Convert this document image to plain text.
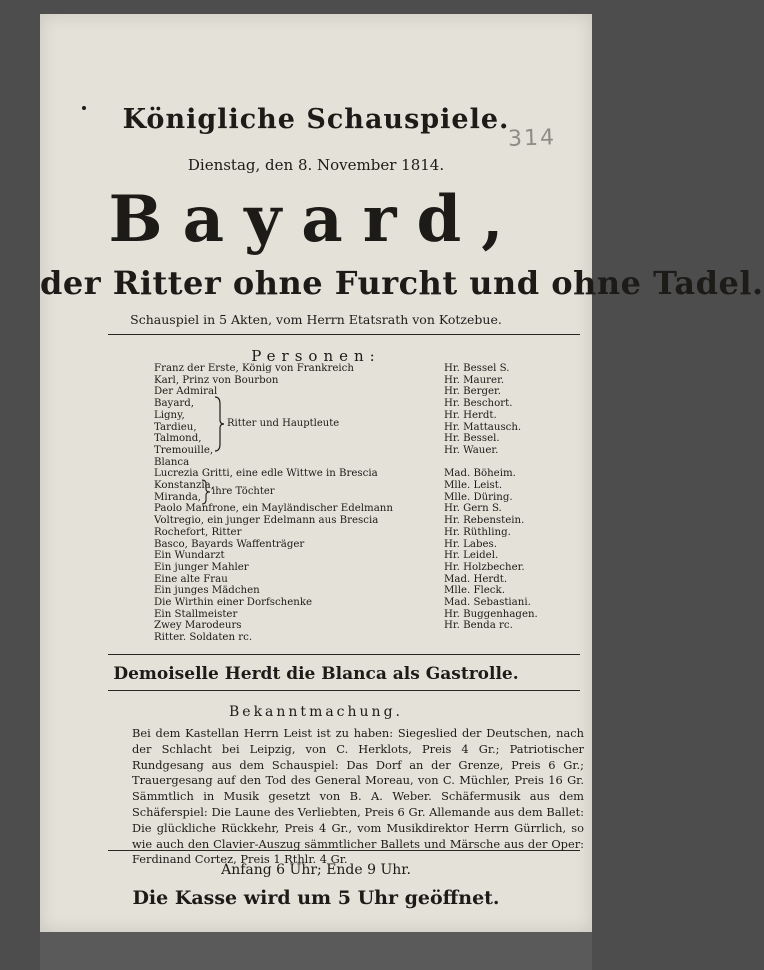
Königliche Schauspiele.
314
Dienstag, den 8. November 1814.
Bayard,
der Ritter ohne Furcht und ohne Tadel.
Schauspiel in 5 Akten, vom Herrn Etatsrath von Kotzebue.
Personen:
Franz der Erste, König von Frankreich	Hr. Bessel S.
Karl, Prinz von Bourbon	Hr. Maurer.
Der Admiral	Hr. Berger.
Bayard,	Hr. Beschort.
Ligny,	Hr. Herdt.
Tardieu,	Hr. Mattausch.
Talmond,	Hr. Bessel.
Tremouille,	Hr. Wauer.
Blanca
Lucrezia Gritti, eine edle Wittwe in Brescia	Mad. Böheim.
Konstanzia,	Mlle. Leist.
Miranda,	Mlle. Düring.
Paolo Manfrone, ein Mayländischer Edelmann	Hr. Gern S.
Voltregio, ein junger Edelmann aus Brescia	Hr. Rebenstein.
Rochefort, Ritter	Hr. Rüthling.
Basco, Bayards Waffenträger	Hr. Labes.
Ein Wundarzt	Hr. Leidel.
Ein junger Mahler	Hr. Holzbecher.
Eine alte Frau	Mad. Herdt.
Ein junges Mädchen	Mlle. Fleck.
Die Wirthin einer Dorfschenke	Mad. Sebastiani.
Ein Stallmeister	Hr. Buggenhagen.
Zwey Marodeurs	Hr. Benda rc.
Ritter. Soldaten rc.
Ritter und Hauptleute
ihre Töchter
Demoiselle Herdt die Blanca als Gastrolle.
Bekanntmachung.
Bei dem Kastellan Herrn Leist ist zu haben: Siegeslied der Deutschen, nach der Schlacht bei Leipzig, von C. Herklots, Preis 4 Gr.; Patriotischer Rundgesang aus dem Schauspiel: Das Dorf an der Grenze, Preis 6 Gr.; Trauergesang auf den Tod des General Moreau, von C. Müchler, Preis 16 Gr. Sämmtlich in Musik gesetzt von B. A. Weber. Schäfermusik aus dem Schäferspiel: Die Laune des Verliebten, Preis 6 Gr. Allemande aus dem Ballet: Die glückliche Rückkehr, Preis 4 Gr., vom Musikdirektor Herrn Gürrlich, so wie auch den Clavier-Auszug sämmtlicher Ballets und Märsche aus der Oper: Ferdinand Cortez, Preis 1 Rthlr. 4 Gr.
Anfang 6 Uhr; Ende 9 Uhr.
Die Kasse wird um 5 Uhr geöffnet.
